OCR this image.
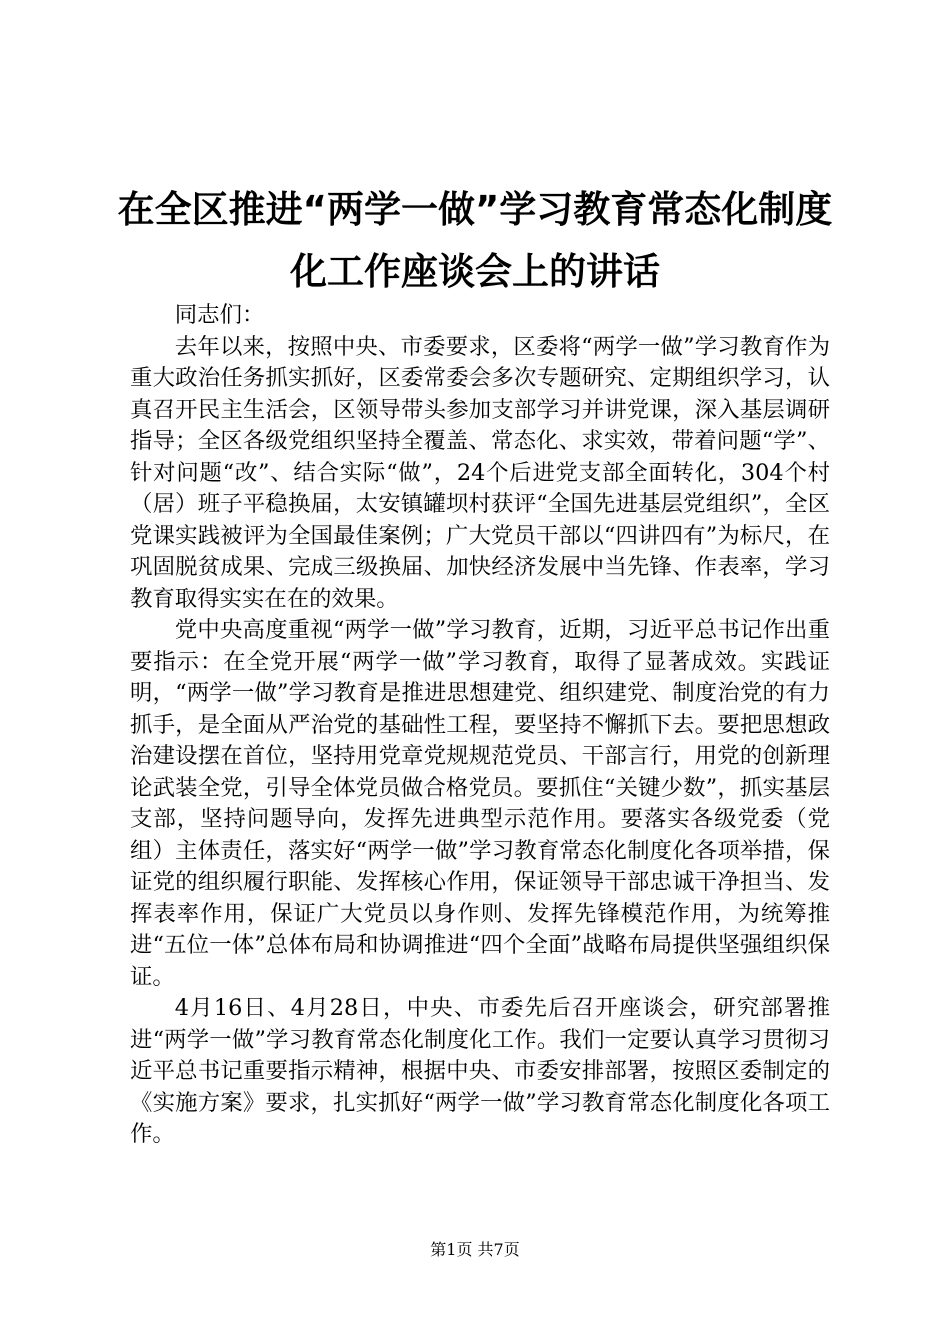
在全区推进“两学一做”学习教育常态化制度
化工作座谈会上的讲话

同志们：

去年以来，按照中央、市委要求，区委将“两学一做”学习教育作为重大政治任务抓实抓好，区委常委会多次专题研究、定期组织学习，认真召开民主生活会，区领导带头参加支部学习并讲党课，深入基层调研指导；全区各级党组织坚持全覆盖、常态化、求实效，带着问题“学”、针对问题“改”、结合实际“做”，24个后进党支部全面转化，304个村（居）班子平稳换届，太安镇罐坝村获评“全国先进基层党组织”，全区党课实践被评为全国最佳案例；广大党员干部以“四讲四有”为标尺，在巩固脱贫成果、完成三级换届、加快经济发展中当先锋、作表率，学习教育取得实实在在的效果。

党中央高度重视“两学一做”学习教育，近期，习近平总书记作出重要指示：在全党开展“两学一做”学习教育，取得了显著成效。实践证明，“两学一做”学习教育是推进思想建党、组织建党、制度治党的有力抓手，是全面从严治党的基础性工程，要坚持不懈抓下去。要把思想政治建设摆在首位，坚持用党章党规规范党员、干部言行，用党的创新理论武装全党，引导全体党员做合格党员。要抓住“关键少数”，抓实基层支部，坚持问题导向，发挥先进典型示范作用。要落实各级党委（党组）主体责任，落实好“两学一做”学习教育常态化制度化各项举措，保证党的组织履行职能、发挥核心作用，保证领导干部忠诚干净担当、发挥表率作用，保证广大党员以身作则、发挥先锋模范作用，为统筹推进“五位一体”总体布局和协调推进“四个全面”战略布局提供坚强组织保证。

4月16日、4月28日，中央、市委先后召开座谈会，研究部署推进“两学一做”学习教育常态化制度化工作。我们一定要认真学习贯彻习近平总书记重要指示精神，根据中央、市委安排部署，按照区委制定的《实施方案》要求，扎实抓好“两学一做”学习教育常态化制度化各项工作。

第1页 共7页
